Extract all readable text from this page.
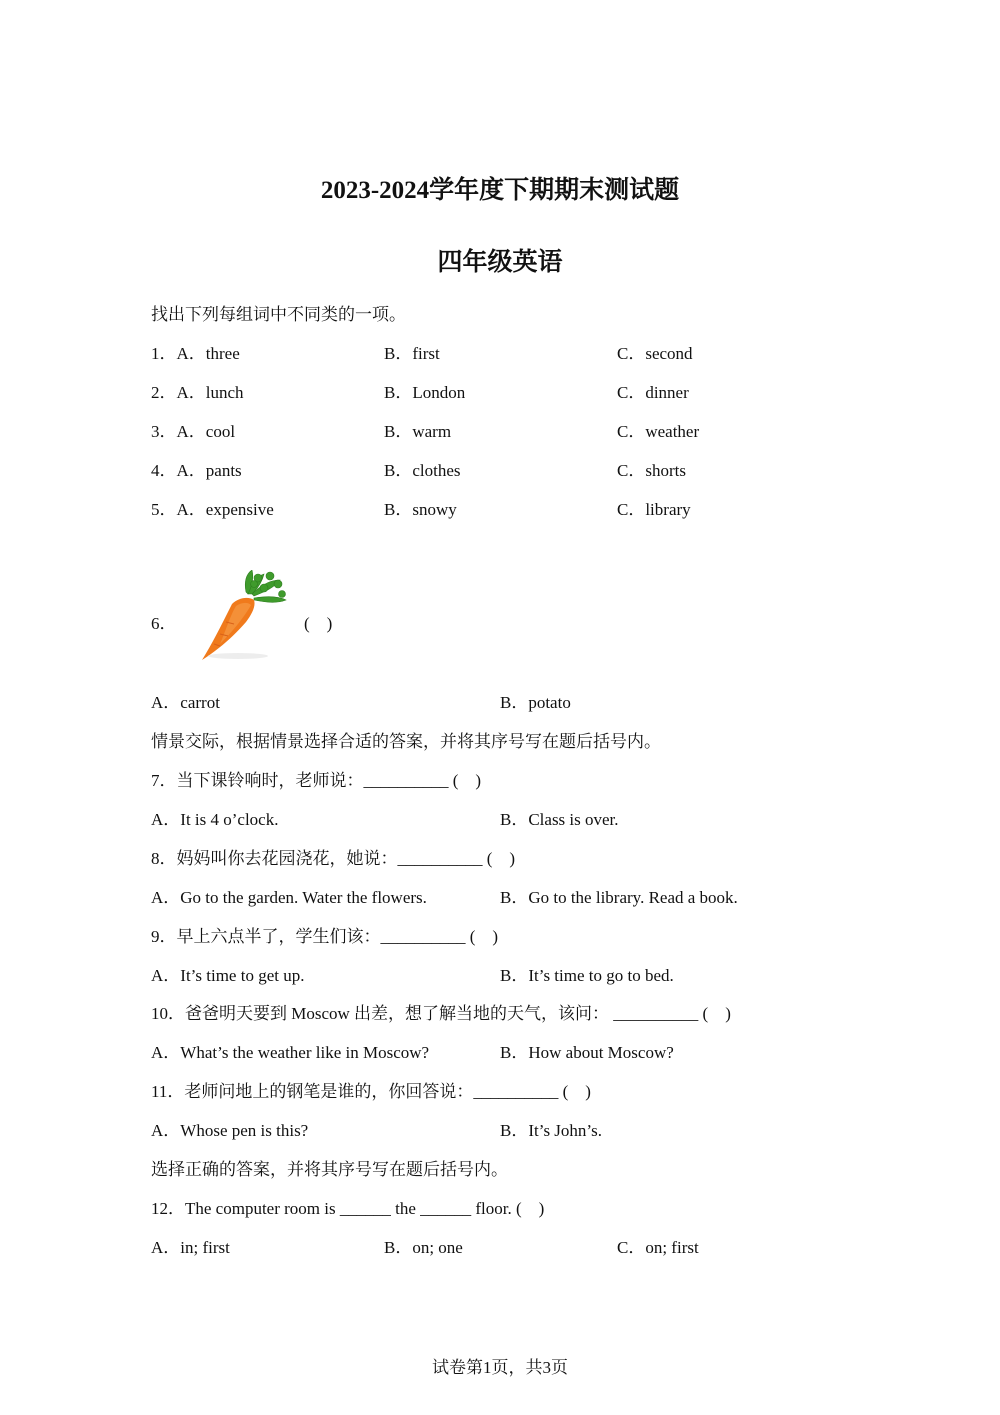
2023-2024学年度下期期末测试题
四年级英语
找出下列每组词中不同类的一项。
1．A．three	B．first	C．second
2．A．lunch	B．London	C．dinner
3．A．cool	B．warm	C．weather
4．A．pants	B．clothes	C．shorts
5．A．expensive	B．snowy	C．library
6．	(　)
A．carrot	B．potato
情景交际，根据情景选择合适的答案，并将其序号写在题后括号内。
7．当下课铃响时，老师说：__________ (　)
A．It is 4 o’clock.	B．Class is over.
8．妈妈叫你去花园浇花，她说：__________ (　)
A．Go to the garden. Water the flowers.	B．Go to the library. Read a book.
9．早上六点半了，学生们该：__________ (　)
A．It’s time to get up.	B．It’s time to go to bed.
10．爸爸明天要到 Moscow 出差，想了解当地的天气，该问： __________ (　)
A．What’s the weather like in Moscow?	B．How about Moscow?
11．老师问地上的钢笔是谁的，你回答说：__________ (　)
A．Whose pen is this?	B．It’s John’s.
选择正确的答案，并将其序号写在题后括号内。
12．The computer room is ______ the ______ floor. (　)
A．in; first	B．on; one	C．on; first
试卷第1页，共3页
